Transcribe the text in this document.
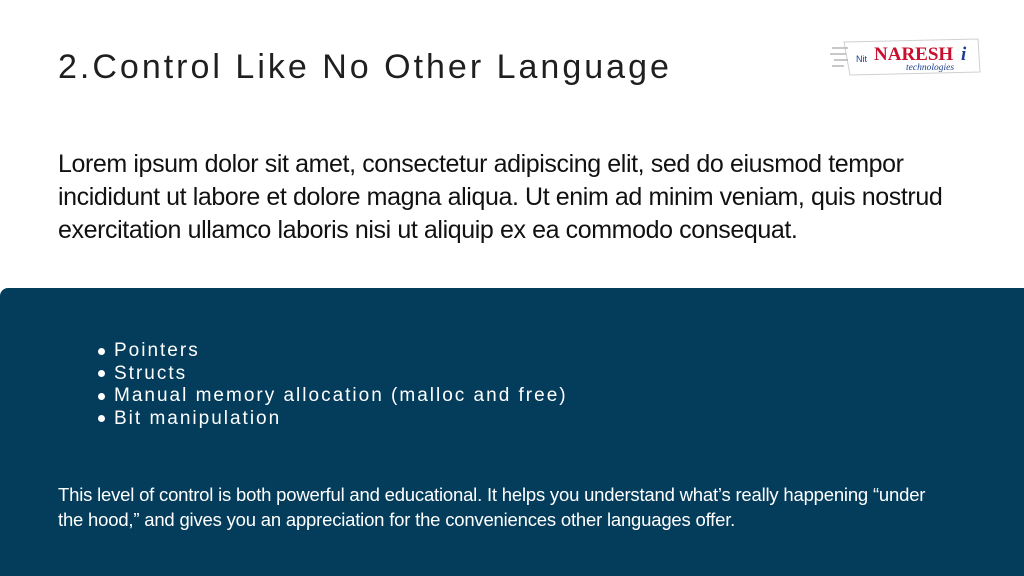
2.Control Like No Other Language	Nit NARESH i
technologies
Lorem ipsum dolor sit amet, consectetur adipiscing elit, sed do eiusmod tempor incididunt ut labore et dolore magna aliqua. Ut enim ad minim veniam, quis nostrud exercitation ullamco laboris nisi ut aliquip ex ea commodo consequat.
Pointers
Structs
Manual memory allocation (malloc and free)
Bit manipulation
This level of control is both powerful and educational. It helps you understand what’s really happening “under the hood,” and gives you an appreciation for the conveniences other languages offer.
